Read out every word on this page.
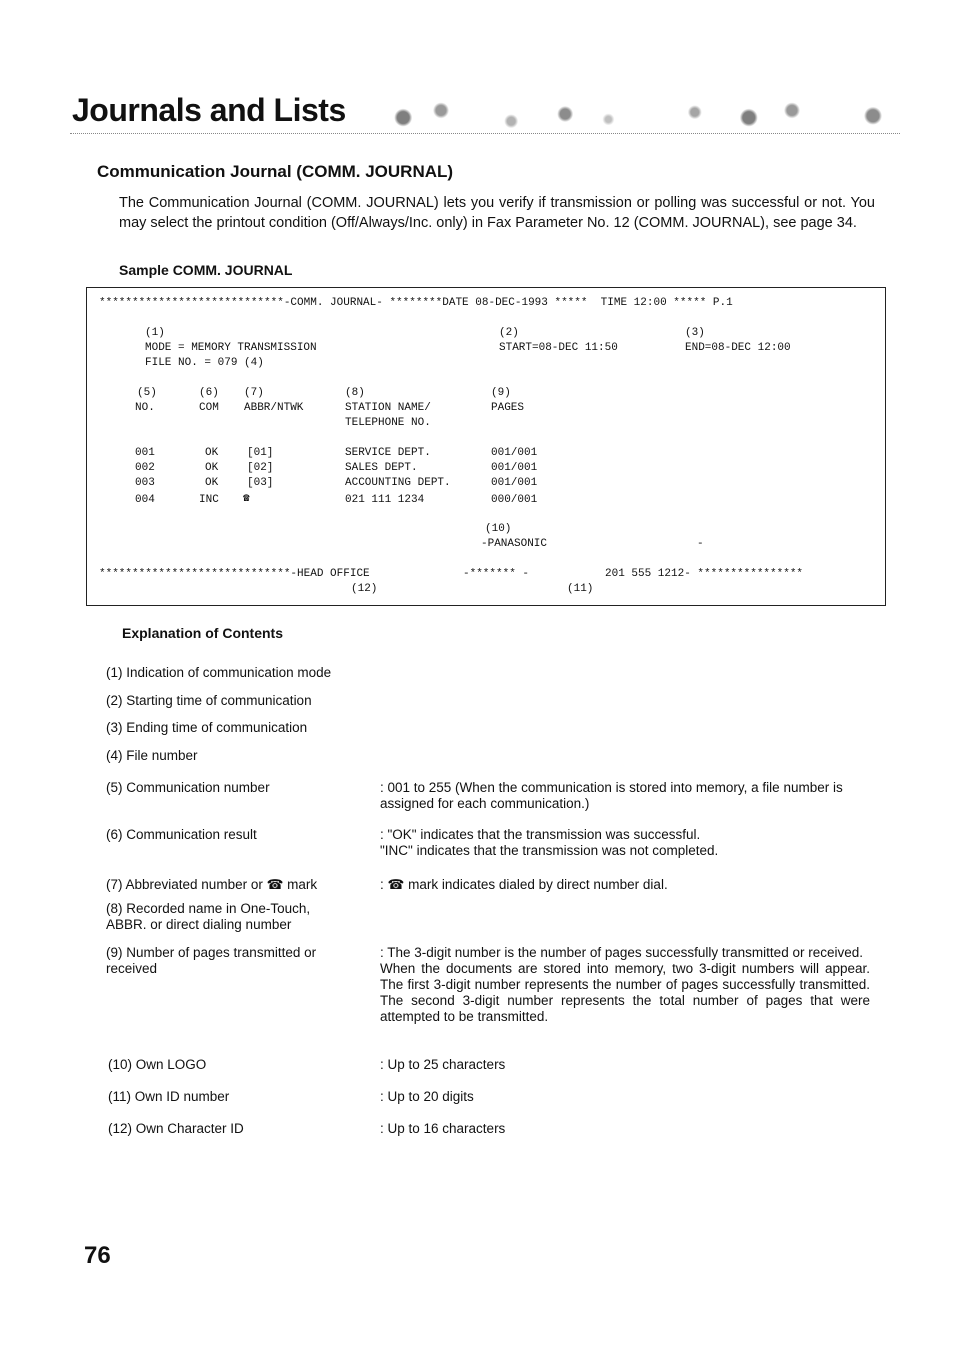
Journals and Lists
Communication Journal (COMM. JOURNAL)
The Communication Journal (COMM. JOURNAL) lets you verify if transmission or polling was successful or not. You may select the printout condition (Off/Always/Inc. only) in Fax Parameter No. 12 (COMM. JOURNAL), see page 34.
Sample COMM. JOURNAL
****************************-COMM. JOURNAL- ********DATE 08-DEC-1993 *****  TIME 12:00 ***** P.1
(1)
MODE = MEMORY TRANSMISSION
FILE NO. = 079 (4)
(2)
START=08-DEC 11:50
(3)
END=08-DEC 12:00
(5)	(6) (7)	(8)	(9)
NO.	COM ABBR/NTWK	STATION NAME/	PAGES
TELEPHONE NO.
001	OK	[01]	SERVICE DEPT.	001/001
002	OK	[02]	SALES DEPT.	001/001
003	OK	[03]	ACCOUNTING DEPT.	001/001
004	INC ☎	021 111 1234	000/001
(10)
-PANASONIC	-
*****************************-HEAD OFFICE	-******* -	201 555 1212- ****************
(12)	(11)
Explanation of Contents
(1) Indication of communication mode
(2) Starting time of communication
(3) Ending time of communication
(4) File number
(5) Communication number	: 001 to 255 (When the communication is stored into memory, a file number is assigned for each communication.)
(6) Communication result	: "OK" indicates that the transmission was successful.
"INC" indicates that the transmission was not completed.
(7) Abbreviated number or ☎ mark	: ☎ mark indicates dialed by direct number dial.
(8) Recorded name in One-Touch, ABBR. or direct dialing number
(9) Number of pages transmitted or received
: The 3-digit number is the number of pages successfully transmitted or received.
When the documents are stored into memory, two 3-digit numbers will appear. The first 3-digit number represents the number of pages successfully transmitted. The second 3-digit number represents the total number of pages that were attempted to be transmitted.
(10) Own LOGO	: Up to 25 characters
(11) Own ID number	: Up to 20 digits
(12) Own Character ID	: Up to 16 characters
76
